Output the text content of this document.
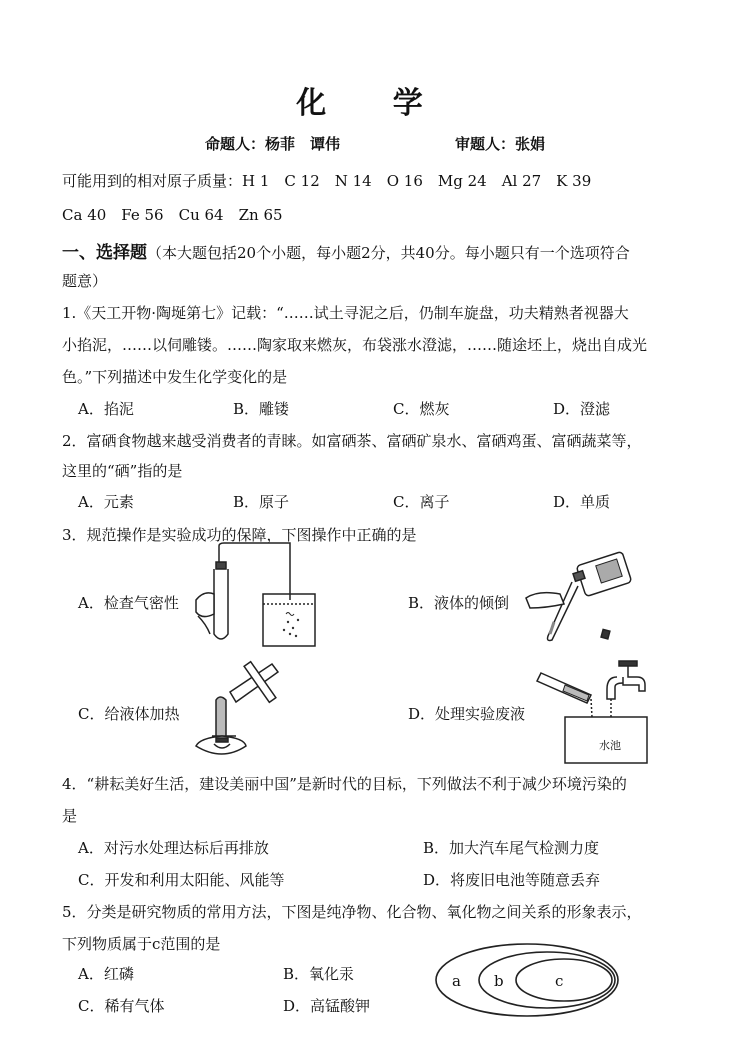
化 学
命题人：杨菲　谭伟	审题人：张娟
可能用到的相对原子质量：H 1　C 12　N 14　O 16　Mg 24　Al 27　K 39
Ca 40　Fe 56　Cu 64　Zn 65
一、选择题（本大题包括20个小题，每小题2分，共40分。每小题只有一个选项符合
题意）
1.《天工开物·陶埏第七》记载：“……试土寻泥之后，仍制车旋盘，功夫精熟者视器大
小掐泥，……以伺雕镂。……陶家取来燃灰，布袋涨水澄滤，……随途坯上，烧出自成光
色。”下列描述中发生化学变化的是
A．掐泥	B．雕镂	C．燃灰	D．澄滤
2．富硒食物越来越受消费者的青睐。如富硒茶、富硒矿泉水、富硒鸡蛋、富硒蔬菜等，
这里的“硒”指的是
A．元素	B．原子	C．离子	D．单质
3．规范操作是实验成功的保障，下图操作中正确的是
A．检查气密性	B．液体的倾倒
C．给液体加热	D．处理实验废液
水池
4．“耕耘美好生活，建设美丽中国”是新时代的目标，下列做法不利于减少环境污染的
是
A．对污水处理达标后再排放	B．加大汽车尾气检测力度
C．开发和利用太阳能、风能等	D．将废旧电池等随意丢弃
5．分类是研究物质的常用方法，下图是纯净物、化合物、氧化物之间关系的形象表示，
下列物质属于c范围的是
A．红磷	B．氧化汞
C．稀有气体	D．高锰酸钾
a b	c
